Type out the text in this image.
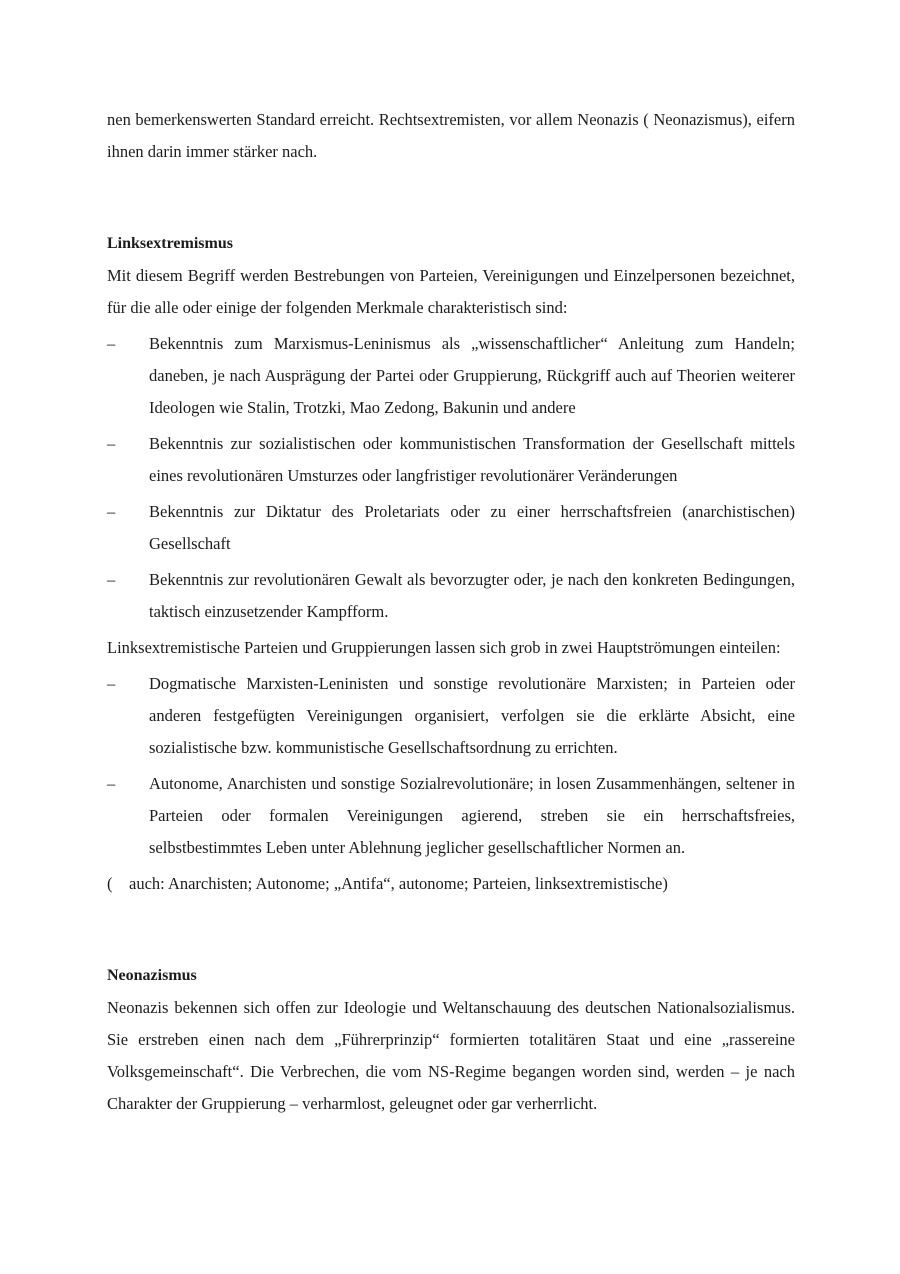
nen bemerkenswerten Standard erreicht. Rechtsextremisten, vor allem Neonazis ( Neonazismus), eifern ihnen darin immer stärker nach.

Linksextremismus

Mit diesem Begriff werden Bestrebungen von Parteien, Vereinigungen und Einzelpersonen bezeichnet, für die alle oder einige der folgenden Merkmale charakteristisch sind:

– Bekenntnis zum Marxismus-Leninismus als „wissenschaftlicher“ Anleitung zum Handeln; daneben, je nach Ausprägung der Partei oder Gruppierung, Rückgriff auch auf Theorien weiterer Ideologen wie Stalin, Trotzki, Mao Zedong, Bakunin und andere
– Bekenntnis zur sozialistischen oder kommunistischen Transformation der Gesellschaft mittels eines revolutionären Umsturzes oder langfristiger revolutionärer Veränderungen
– Bekenntnis zur Diktatur des Proletariats oder zu einer herrschaftsfreien (anarchistischen) Gesellschaft
– Bekenntnis zur revolutionären Gewalt als bevorzugter oder, je nach den konkreten Bedingungen, taktisch einzusetzender Kampfform.

Linksextremistische Parteien und Gruppierungen lassen sich grob in zwei Hauptströmungen einteilen:

– Dogmatische Marxisten-Leninisten und sonstige revolutionäre Marxisten; in Parteien oder anderen festgefügten Vereinigungen organisiert, verfolgen sie die erklärte Absicht, eine sozialistische bzw. kommunistische Gesellschaftsordnung zu errichten.
– Autonome, Anarchisten und sonstige Sozialrevolutionäre; in losen Zusammenhängen, seltener in Parteien oder formalen Vereinigungen agierend, streben sie ein herrschaftsfreies, selbstbestimmtes Leben unter Ablehnung jeglicher gesellschaftlicher Normen an.

( auch: Anarchisten; Autonome; „Antifa“, autonome; Parteien, linksextremistische)

Neonazismus

Neonazis bekennen sich offen zur Ideologie und Weltanschauung des deutschen Nationalsozialismus. Sie erstreben einen nach dem „Führerprinzip“ formierten totalitären Staat und eine „rassereine Volksgemeinschaft“. Die Verbrechen, die vom NS-Regime begangen worden sind, werden – je nach Charakter der Gruppierung – verharmlost, geleugnet oder gar verherrlicht.
